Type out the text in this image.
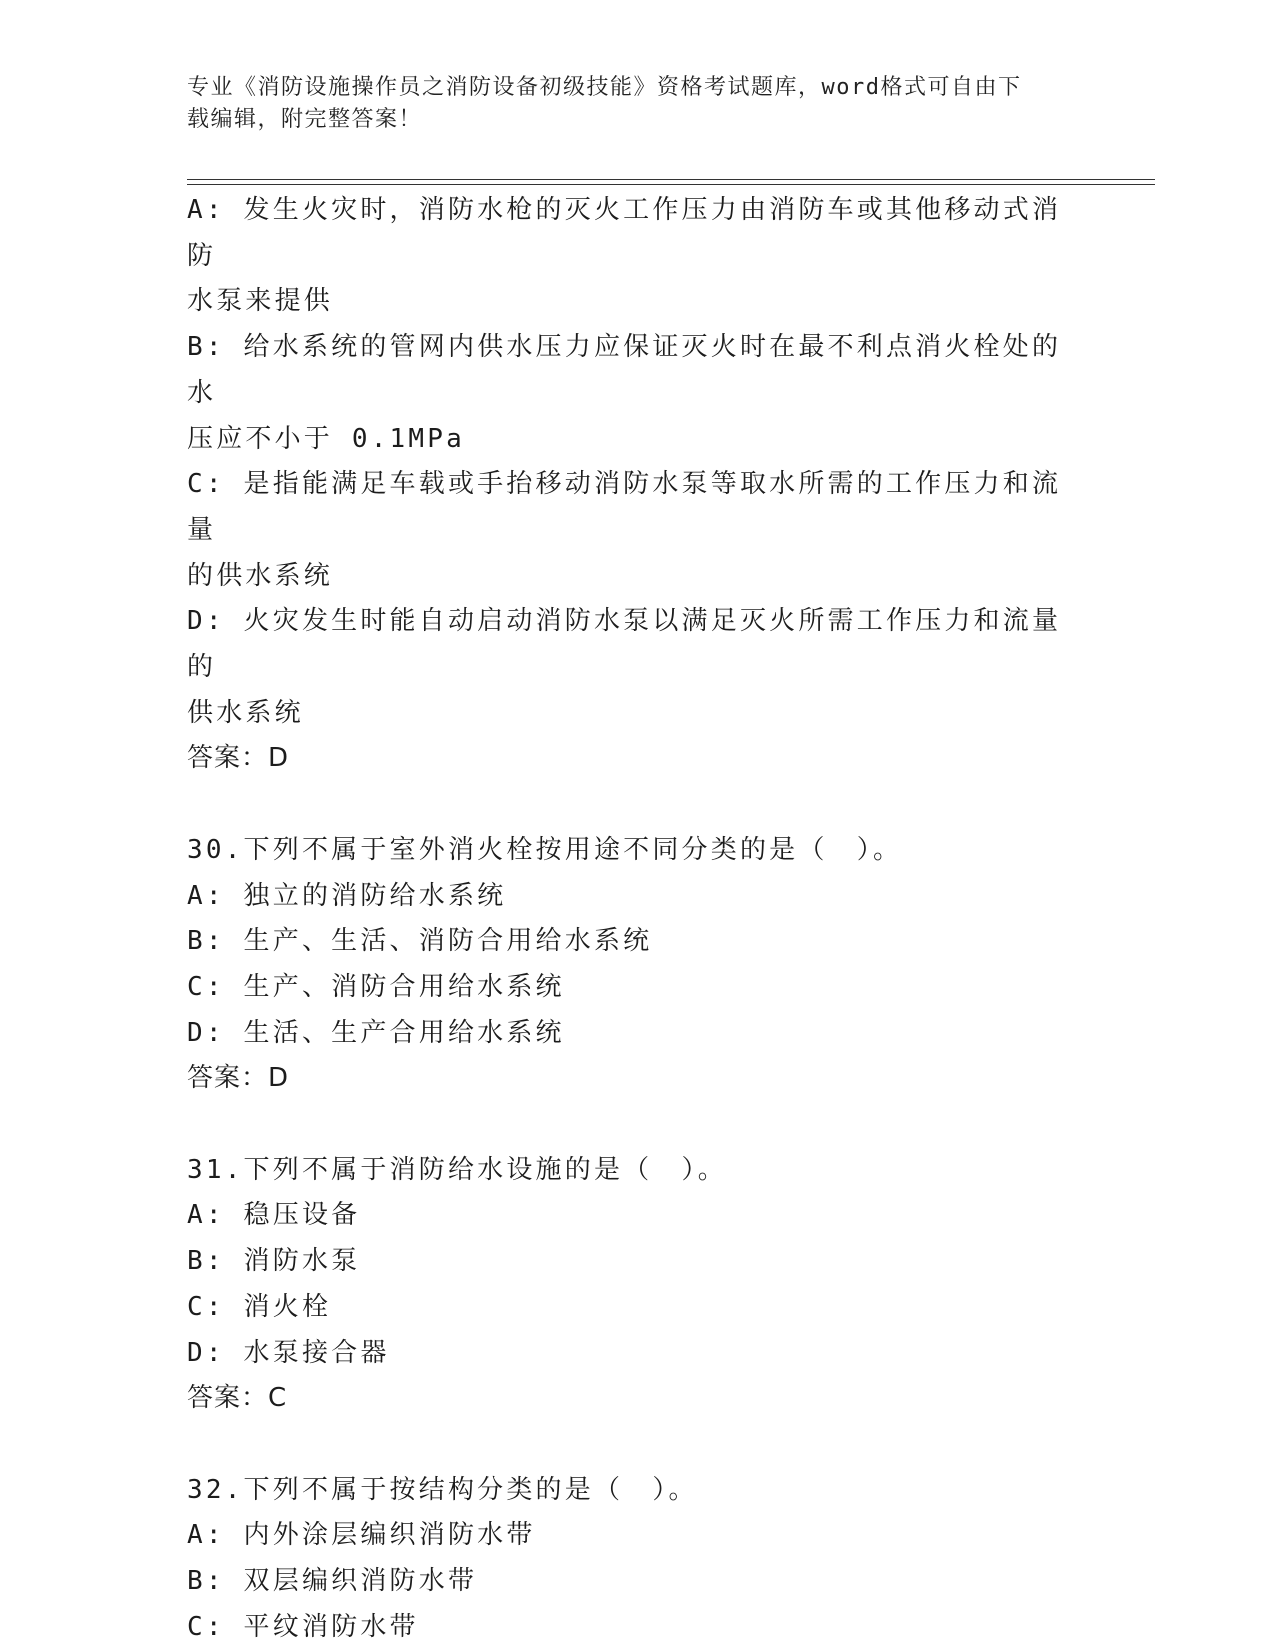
专业《消防设施操作员之消防设备初级技能》资格考试题库，word格式可自由下
载编辑，附完整答案！
A: 发生火灾时，消防水枪的灭火工作压力由消防车或其他移动式消防
水泵来提供
B: 给水系统的管网内供水压力应保证灭火时在最不利点消火栓处的水
压应不小于 0.1MPa
C: 是指能满足车载或手抬移动消防水泵等取水所需的工作压力和流量
的供水系统
D: 火灾发生时能自动启动消防水泵以满足灭火所需工作压力和流量的
供水系统
答案：D
30.下列不属于室外消火栓按用途不同分类的是（　）。
A: 独立的消防给水系统
B: 生产、生活、消防合用给水系统
C: 生产、消防合用给水系统
D: 生活、生产合用给水系统
答案：D
31.下列不属于消防给水设施的是（　）。
A: 稳压设备
B: 消防水泵
C: 消火栓
D: 水泵接合器
答案：C
32.下列不属于按结构分类的是（　）。
A: 内外涂层编织消防水带
B: 双层编织消防水带
C: 平纹消防水带
